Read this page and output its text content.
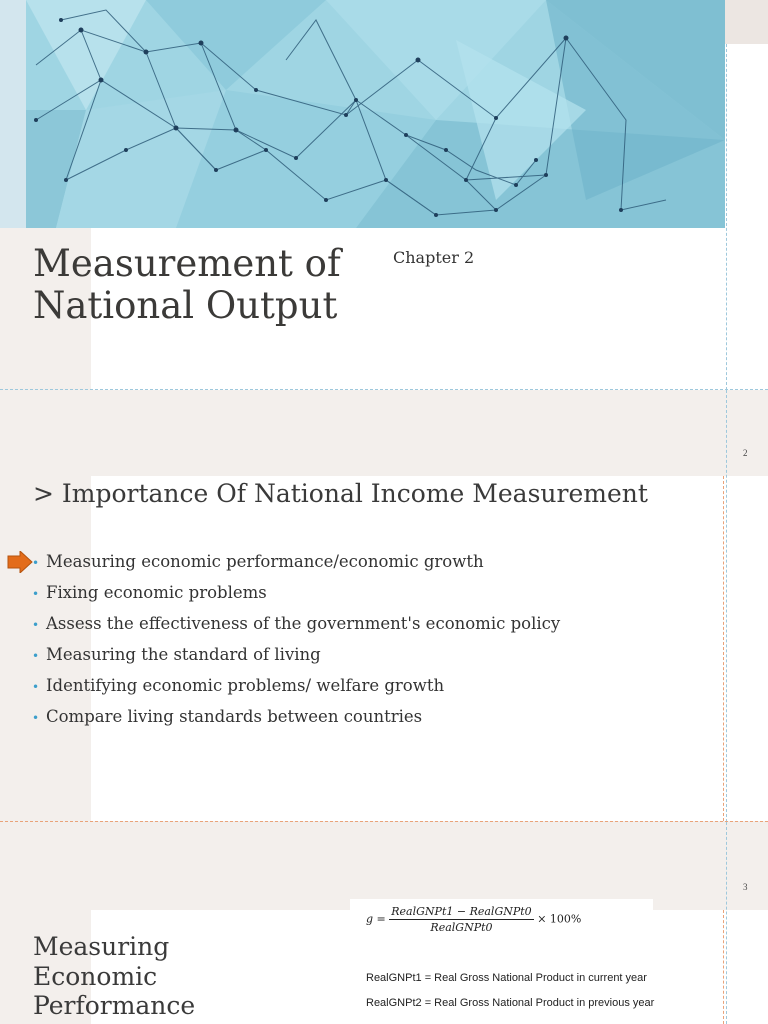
Measurement of
National Output
Chapter 2
2
> Importance Of National Income Measurement
• Measuring economic performance/economic growth
• Fixing economic problems
• Assess the effectiveness of the government's economic policy
• Measuring the standard of living
• Identifying economic problems/ welfare growth
• Compare living standards between countries
3
Measuring
Economic
Performance
$g = \frac{\text{RealGNPt1 − RealGNPt0}}{\text{RealGNPt0}} \times 100\%$
RealGNPt1 = Real Gross National Product in current year
RealGNPt2 = Real Gross National Product in previous year
